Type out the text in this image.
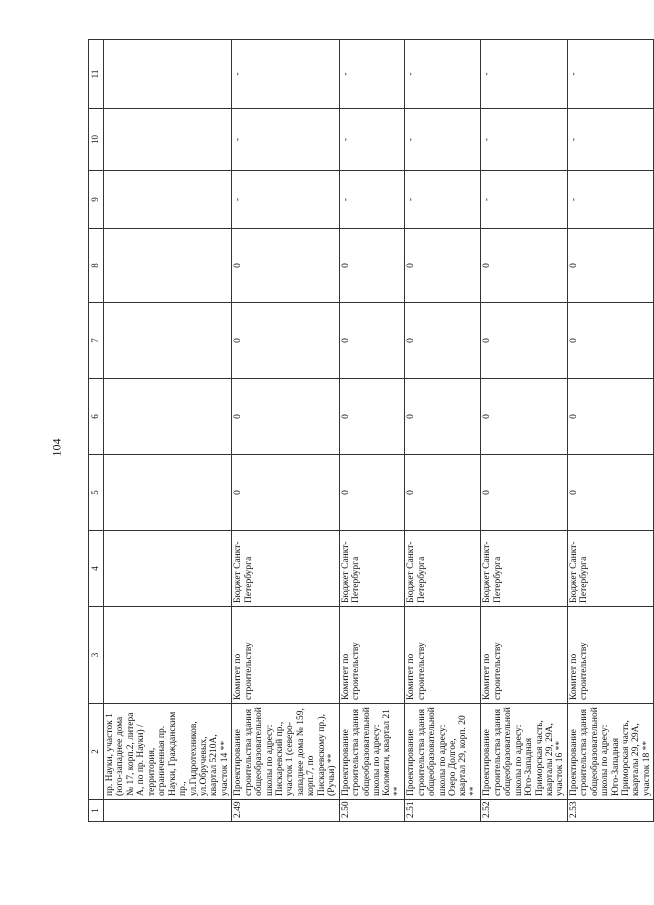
104
1	2	3	4	5	6	7	8	9	10	11
	пр. Науки, участок 1 (юго-западнее дома № 17, корп.2, литера А, по пр. Науки) / территория, ограниченная пр. Науки, Гражданским пр., ул.Гидротехников, ул.Обручевых, квартал 5210А, участок 14 **									
2.49	Проектирование строительства здания общеобразовательной школы по адресу: Пискаревский пр., участок 1 (северо-западнее дома № 159, корп.7, по Пискаревскому пр.), (Ручьи) **	Комитет по строительству	Бюджет Санкт-Петербурга	0	0	0	0	-	-	-
2.50	Проектирование строительства здания общеобразовательной школы по адресу: Коломяги, квартал 21 **	Комитет по строительству	Бюджет Санкт-Петербурга	0	0	0	0	-	-	-
2.51	Проектирование строительства здания общеобразовательной школы по адресу: Озеро Долгое, квартал 29, корп. 20 **	Комитет по строительству	Бюджет Санкт-Петербурга	0	0	0	0	-	-	-
2.52	Проектирование строительства здания общеобразовательной школы по адресу: Юго-Западная Приморская часть, кварталы 29, 29А, участок 16 **	Комитет по строительству	Бюджет Санкт-Петербурга	0	0	0	0	-	-	-
2.53	Проектирование строительства здания общеобразовательной школы по адресу: Юго-Западная Приморская часть, кварталы 29, 29А, участок 18 **	Комитет по строительству	Бюджет Санкт-Петербурга	0	0	0	0	-	-	-
